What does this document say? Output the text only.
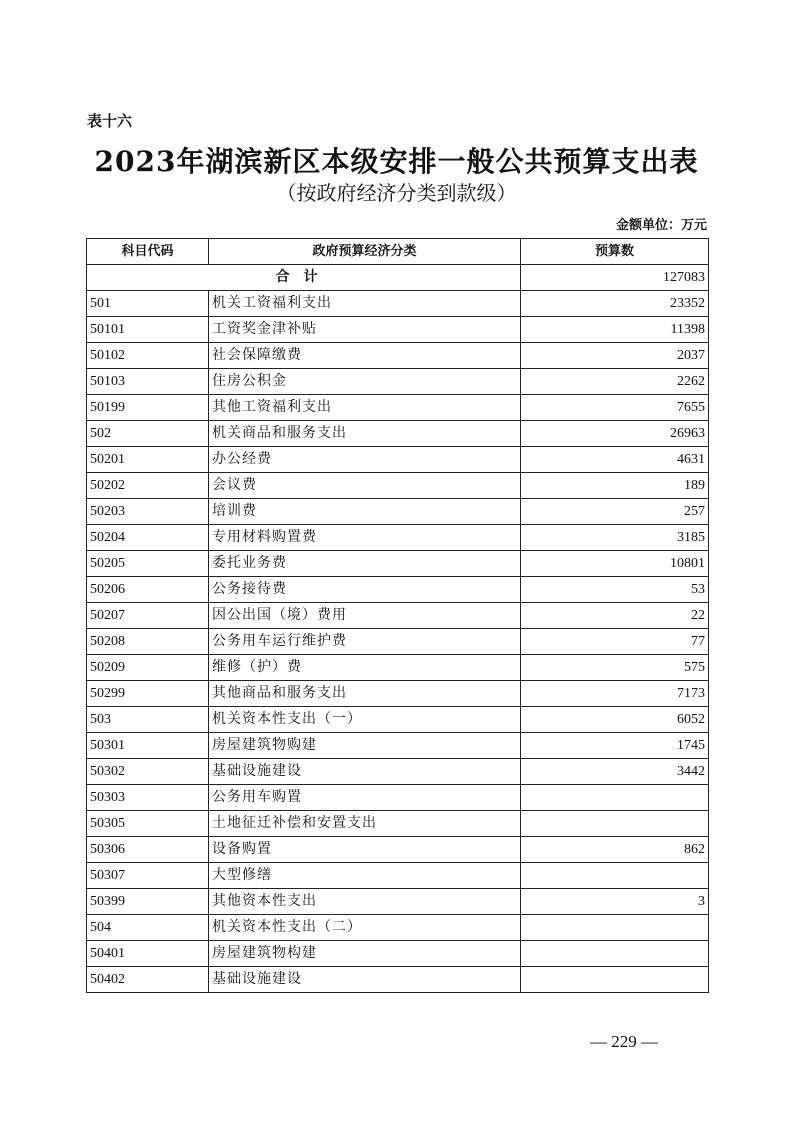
表十六
2023年湖滨新区本级安排一般公共预算支出表
（按政府经济分类到款级）
金额单位：万元
科目代码	政府预算经济分类	预算数
合计		127083
501	机关工资福利支出	23352
50101	工资奖金津补贴	11398
50102	社会保障缴费	2037
50103	住房公积金	2262
50199	其他工资福利支出	7655
502	机关商品和服务支出	26963
50201	办公经费	4631
50202	会议费	189
50203	培训费	257
50204	专用材料购置费	3185
50205	委托业务费	10801
50206	公务接待费	53
50207	因公出国（境）费用	22
50208	公务用车运行维护费	77
50209	维修（护）费	575
50299	其他商品和服务支出	7173
503	机关资本性支出（一）	6052
50301	房屋建筑物购建	1745
50302	基础设施建设	3442
50303	公务用车购置	
50305	土地征迁补偿和安置支出	
50306	设备购置	862
50307	大型修缮	
50399	其他资本性支出	3
504	机关资本性支出（二）	
50401	房屋建筑物构建	
50402	基础设施建设	
— 229 —
